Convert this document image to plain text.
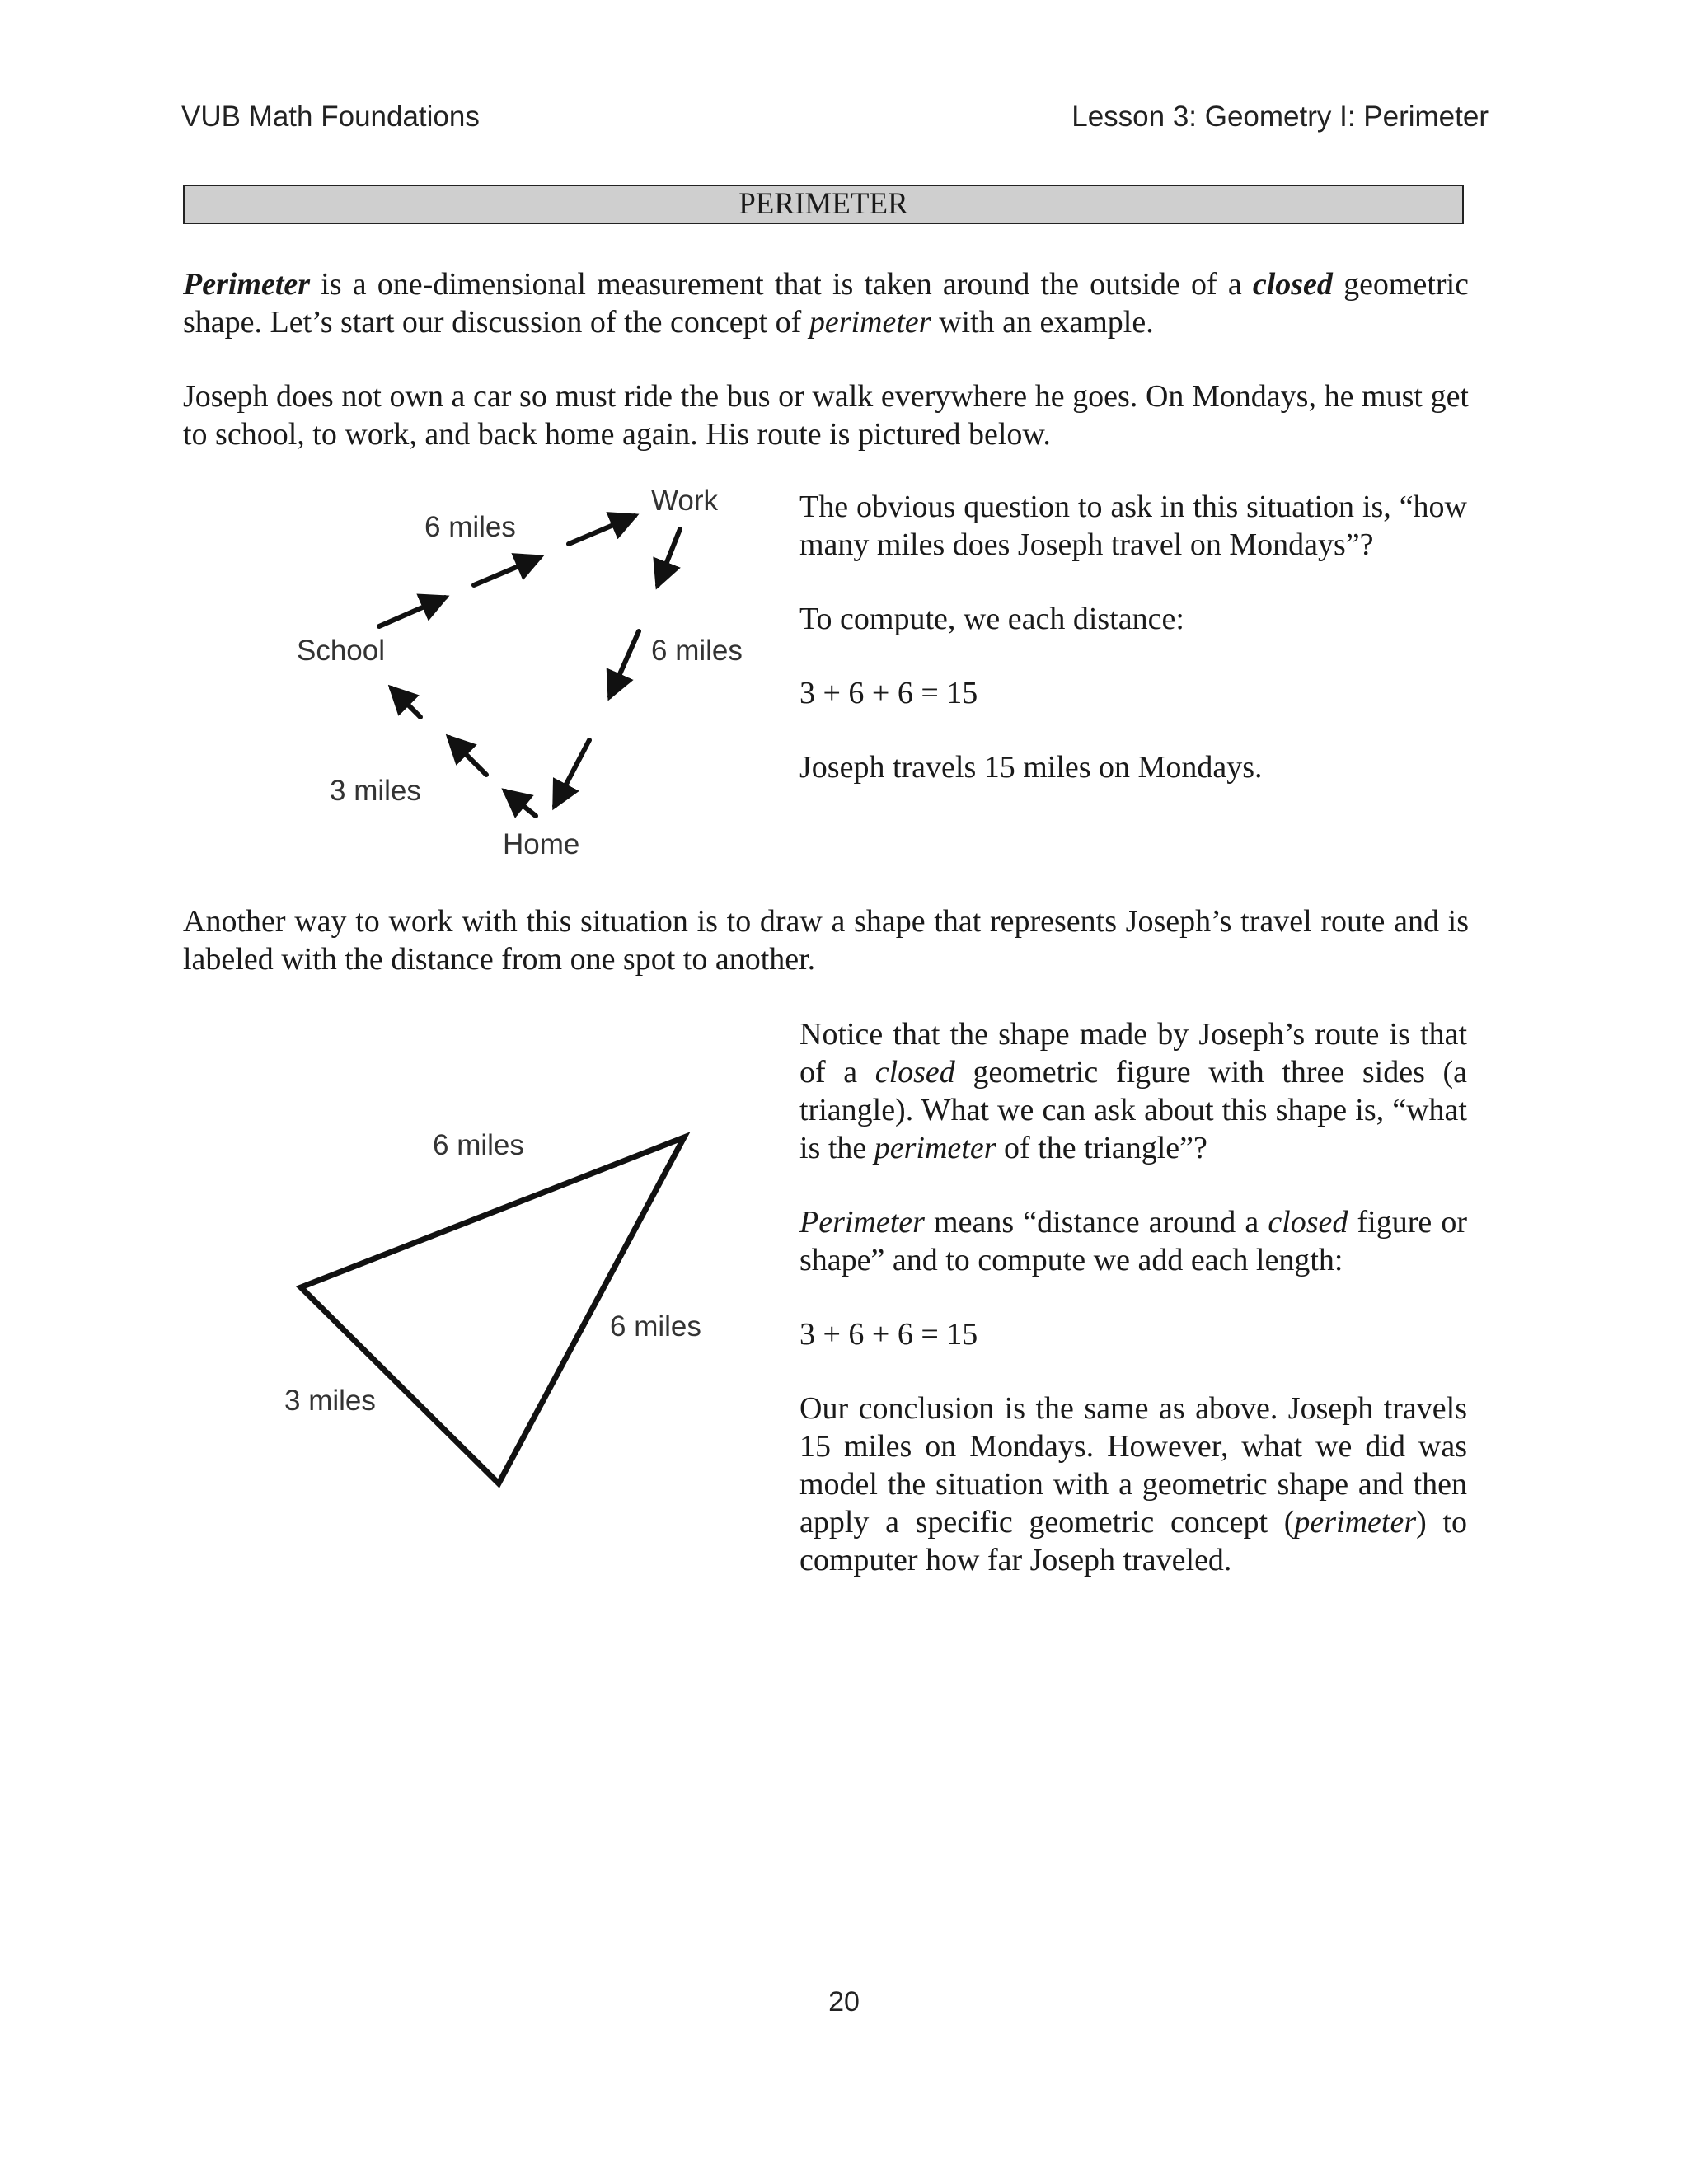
VUB Math Foundations	Lesson 3: Geometry I: Perimeter
PERIMETER

Perimeter is a one-dimensional measurement that is taken around the outside of a closed geometric shape. Let’s start our discussion of the concept of perimeter with an example.

Joseph does not own a car so must ride the bus or walk everywhere he goes. On Mondays, he must get to school, to work, and back home again. His route is pictured below.

Work
6 miles
School	6 miles
3 miles
Home

The obvious question to ask in this situation is, “how many miles does Joseph travel on Mondays”?

To compute, we each distance:

3 + 6 + 6 = 15

Joseph travels 15 miles on Mondays.

Another way to work with this situation is to draw a shape that represents Joseph’s travel route and is labeled with the distance from one spot to another.

6 miles
6 miles
3 miles

Notice that the shape made by Joseph’s route is that of a closed geometric figure with three sides (a triangle). What we can ask about this shape is, “what is the perimeter of the triangle”?

Perimeter means “distance around a closed figure or shape” and to compute we add each length:

3 + 6 + 6 = 15

Our conclusion is the same as above. Joseph travels 15 miles on Mondays. However, what we did was model the situation with a geometric shape and then apply a specific geometric concept (perimeter) to computer how far Joseph traveled.

20
